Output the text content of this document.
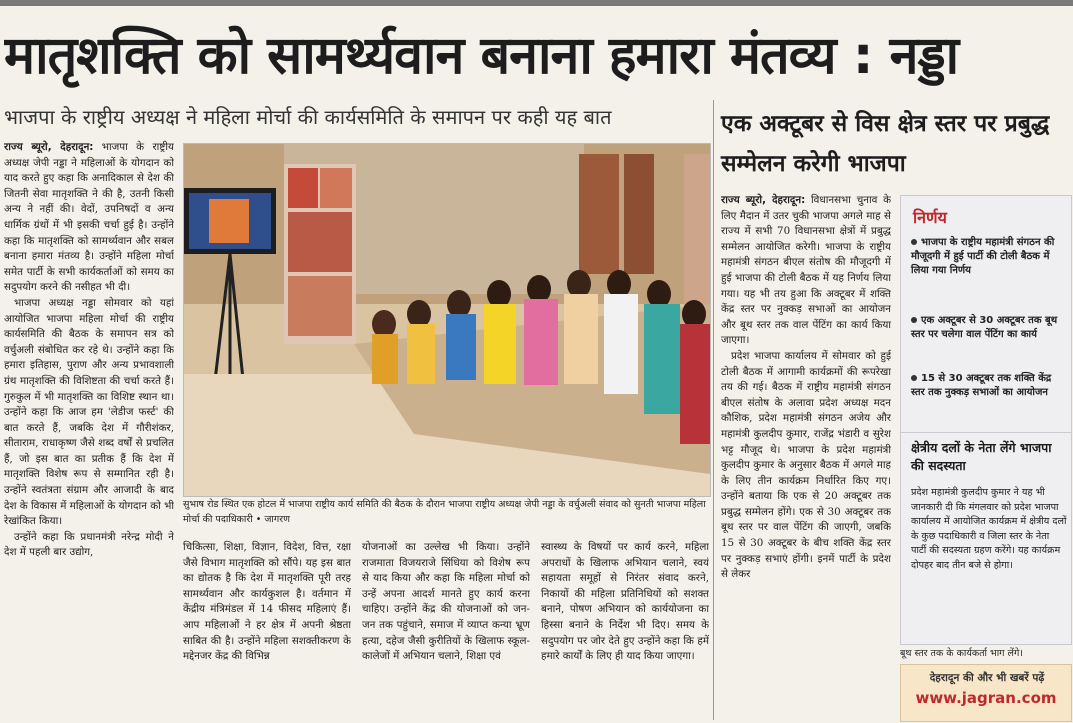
मातृशक्ति को सामर्थ्यवान बनाना हमारा मंतव्य : नड्डा
भाजपा के राष्ट्रीय अध्यक्ष ने महिला मोर्चा की कार्यसमिति के समापन पर कही यह बात

राज्य ब्यूरो, देहरादून: भाजपा के राष्ट्रीय अध्यक्ष जेपी नड्डा ने महिलाओं के योगदान को याद करते हुए कहा कि अनादिकाल से देश की जितनी सेवा मातृशक्ति ने की है, उतनी किसी अन्य ने नहीं की। वेदों, उपनिषदों व अन्य धार्मिक ग्रंथों में भी इसकी चर्चा हुई है। उन्होंने कहा कि मातृशक्ति को सामर्थ्यवान और सबल बनाना हमारा मंतव्य है। उन्होंने महिला मोर्चा समेत पार्टी के सभी कार्यकर्ताओं को समय का सदुपयोग करने की नसीहत भी दी।

भाजपा अध्यक्ष नड्डा सोमवार को यहां आयोजित भाजपा महिला मोर्चा की राष्ट्रीय कार्यसमिति की बैठक के समापन सत्र को वर्चुअली संबोधित कर रहे थे। उन्होंने कहा कि हमारा इतिहास, पुराण और अन्य प्रभावशाली ग्रंथ मातृशक्ति की विशिष्टता की चर्चा करते हैं। गुरुकुल में भी मातृशक्ति का विशिष्ट स्थान था। उन्होंने कहा कि आज हम 'लेडीज फर्स्ट' की बात करते हैं, जबकि देश में गौरीशंकर, सीताराम, राधाकृष्ण जैसे शब्द वर्षों से प्रचलित हैं, जो इस बात का प्रतीक हैं कि देश में मातृशक्ति विशेष रूप से सम्मानित रही है। उन्होंने स्वतंत्रता संग्राम और आजादी के बाद देश के विकास में महिलाओं के योगदान को भी रेखांकित किया।

उन्होंने कहा कि प्रधानमंत्री नरेन्द्र मोदी ने देश में पहली बार उद्योग,

सुभाष रोड स्थित एक होटल में भाजपा राष्ट्रीय कार्य समिति की बैठक के दौरान भाजपा राष्ट्रीय अध्यक्ष जेपी नड्डा के वर्चुअली संवाद को सुनती भाजपा महिला मोर्चा की पदाधिकारी • जागरण

चिकित्सा, शिक्षा, विज्ञान, विदेश, वित्त, रक्षा जैसे विभाग मातृशक्ति को सौंपे। यह इस बात का द्योतक है कि देश में मातृशक्ति पूरी तरह सामर्थ्यवान और कार्यकुशल है। वर्तमान में केंद्रीय मंत्रिमंडल में 14 फीसद महिलाएं हैं। आप महिलाओं ने हर क्षेत्र में अपनी श्रेष्ठता साबित की है। उन्होंने महिला सशक्तीकरण के मद्देनजर केंद्र की विभिन्न

योजनाओं का उल्लेख भी किया। उन्होंने राजमाता विजयराजे सिंधिया को विशेष रूप से याद किया और कहा कि महिला मोर्चा को उन्हें अपना आदर्श मानते हुए कार्य करना चाहिए। उन्होंने केंद्र की योजनाओं को जन-जन तक पहुंचाने, समाज में व्याप्त कन्या भ्रूण हत्या, दहेज जैसी कुरीतियों के खिलाफ स्कूल-कालेजों में अभियान चलाने, शिक्षा एवं

स्वास्थ्य के विषयों पर कार्य करने, महिला अपराधों के खिलाफ अभियान चलाने, स्वयं सहायता समूहों से निरंतर संवाद करने, निकायों की महिला प्रतिनिधियों को सशक्त बनाने, पोषण अभियान को कार्ययोजना का हिस्सा बनाने के निर्देश भी दिए। समय के सदुपयोग पर जोर देते हुए उन्होंने कहा कि हमें हमारे कार्यों के लिए ही याद किया जाएगा।

एक अक्टूबर से विस क्षेत्र स्तर पर प्रबुद्ध सम्मेलन करेगी भाजपा

राज्य ब्यूरो, देहरादून: विधानसभा चुनाव के लिए मैदान में उतर चुकी भाजपा अगले माह से राज्य में सभी 70 विधानसभा क्षेत्रों में प्रबुद्ध सम्मेलन आयोजित करेगी। भाजपा के राष्ट्रीय महामंत्री संगठन बीएल संतोष की मौजूदगी में हुई भाजपा की टोली बैठक में यह निर्णय लिया गया। यह भी तय हुआ कि अक्टूबर में शक्ति केंद्र स्तर पर नुक्कड़ सभाओं का आयोजन और बूथ स्तर तक वाल पेंटिंग का कार्य किया जाएगा।

प्रदेश भाजपा कार्यालय में सोमवार को हुई टोली बैठक में आगामी कार्यक्रमों की रूपरेखा तय की गई। बैठक में राष्ट्रीय महामंत्री संगठन बीएल संतोष के अलावा प्रदेश अध्यक्ष मदन कौशिक, प्रदेश महामंत्री संगठन अजेय और महामंत्री कुलदीप कुमार, राजेंद्र भंडारी व सुरेश भट्ट मौजूद थे। भाजपा के प्रदेश महामंत्री कुलदीप कुमार के अनुसार बैठक में अगले माह के लिए तीन कार्यक्रम निर्धारित किए गए। उन्होंने बताया कि एक से 20 अक्टूबर तक प्रबुद्ध सम्मेलन होंगे। एक से 30 अक्टूबर तक बूथ स्तर पर वाल पेंटिंग की जाएगी, जबकि 15 से 30 अक्टूबर के बीच शक्ति केंद्र स्तर पर नुक्कड़ सभाएं होंगी। इनमें पार्टी के प्रदेश से लेकर

निर्णय
भाजपा के राष्ट्रीय महामंत्री संगठन की मौजूदगी में हुई पार्टी की टोली बैठक में लिया गया निर्णय
एक अक्टूबर से 30 अक्टूबर तक बूथ स्तर पर चलेगा वाल पेंटिंग का कार्य
15 से 30 अक्टूबर तक शक्ति केंद्र स्तर तक नुक्कड़ सभाओं का आयोजन
क्षेत्रीय दलों के नेता लेंगे भाजपा की सदस्यता
प्रदेश महामंत्री कुलदीप कुमार ने यह भी जानकारी दी कि मंगलवार को प्रदेश भाजपा कार्यालय में आयोजित कार्यक्रम में क्षेत्रीय दलों के कुछ पदाधिकारी व जिला स्तर के नेता पार्टी की सदस्यता ग्रहण करेंगे। यह कार्यक्रम दोपहर बाद तीन बजे से होगा।
बूथ स्तर तक के कार्यकर्ता भाग लेंगे।
देहरादून की और भी खबरें पढ़ें
www.jagran.com
